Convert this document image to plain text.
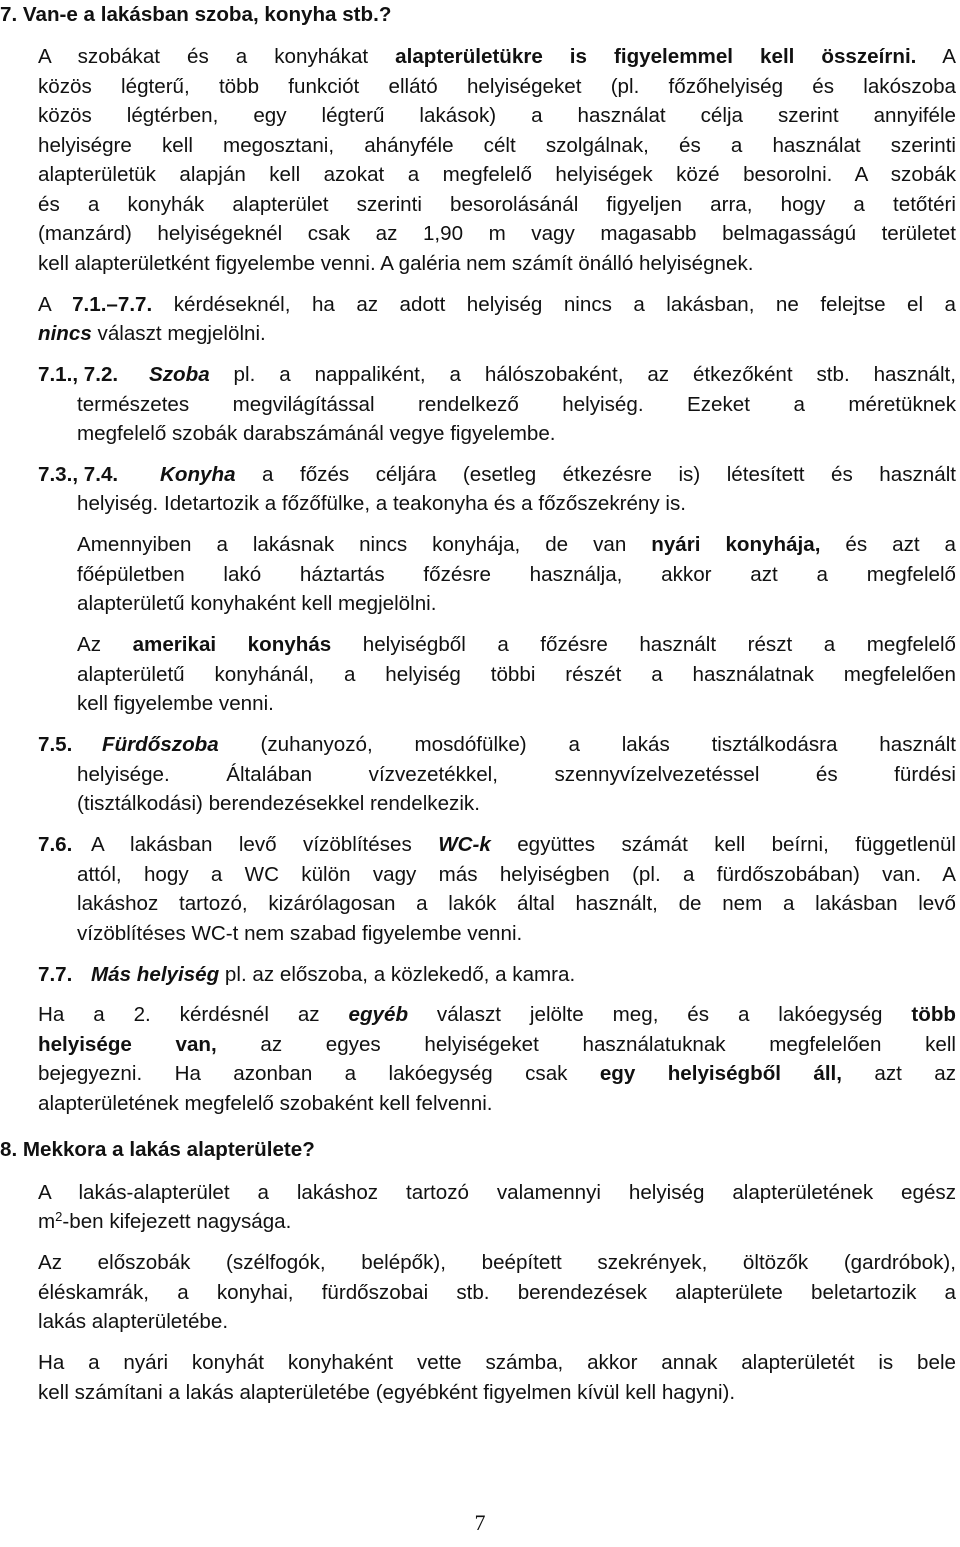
7. Van-e a lakásban szoba, konyha stb.?
A szobákat és a konyhákat alapterületükre is figyelemmel kell összeírni. A
közös légterű, több funkciót ellátó helyiségeket (pl. főzőhelyiség és lakószoba
közös légtérben, egy légterű lakások) a használat célja szerint annyiféle
helyiségre kell megosztani, ahányféle célt szolgálnak, és a használat szerinti
alapterületük alapján kell azokat a megfelelő helyiségek közé besorolni. A szobák
és a konyhák alapterület szerinti besorolásánál figyeljen arra, hogy a tetőtéri
(manzárd) helyiségeknél csak az 1,90 m vagy magasabb belmagasságú területet
kell alapterületként figyelembe venni. A galéria nem számít önálló helyiségnek.
A 7.1.–7.7. kérdéseknél, ha az adott helyiség nincs a lakásban, ne felejtse el a
nincs választ megjelölni.
7.1., 7.2. Szoba pl. a nappaliként, a hálószobaként, az étkezőként stb. használt,
természetes megvilágítással rendelkező helyiség. Ezeket a méretüknek
megfelelő szobák darabszámánál vegye figyelembe.
7.3., 7.4. Konyha a főzés céljára (esetleg étkezésre is) létesített és használt
helyiség. Idetartozik a főzőfülke, a teakonyha és a főzőszekrény is.
Amennyiben a lakásnak nincs konyhája, de van nyári konyhája, és azt a
főépületben lakó háztartás főzésre használja, akkor azt a megfelelő
alapterületű konyhaként kell megjelölni.
Az amerikai konyhás helyiségből a főzésre használt részt a megfelelő
alapterületű konyhánál, a helyiség többi részét a használatnak megfelelően
kell figyelembe venni.
7.5. Fürdőszoba (zuhanyozó, mosdófülke) a lakás tisztálkodásra használt
helyisége. Általában vízvezetékkel, szennyvízelvezetéssel és fürdési
(tisztálkodási) berendezésekkel rendelkezik.
7.6. A lakásban levő vízöblítéses WC-k együttes számát kell beírni, függetlenül
attól, hogy a WC külön vagy más helyiségben (pl. a fürdőszobában) van. A
lakáshoz tartozó, kizárólagosan a lakók által használt, de nem a lakásban levő
vízöblítéses WC-t nem szabad figyelembe venni.
7.7. Más helyiség pl. az előszoba, a közlekedő, a kamra.
Ha a 2. kérdésnél az egyéb választ jelölte meg, és a lakóegység több
helyisége van, az egyes helyiségeket használatuknak megfelelően kell
bejegyezni. Ha azonban a lakóegység csak egy helyiségből áll, azt az
alapterületének megfelelő szobaként kell felvenni.
8. Mekkora a lakás alapterülete?
A lakás-alapterület a lakáshoz tartozó valamennyi helyiség alapterületének egész
$m^2$-ben kifejezett nagysága.
Az előszobák (szélfogók, belépők), beépített szekrények, öltözők (gardróbok),
éléskamrák, a konyhai, fürdőszobai stb. berendezések alapterülete beletartozik a
lakás alapterületébe.
Ha a nyári konyhát konyhaként vette számba, akkor annak alapterületét is bele
kell számítani a lakás alapterületébe (egyébként figyelmen kívül kell hagyni).
7
